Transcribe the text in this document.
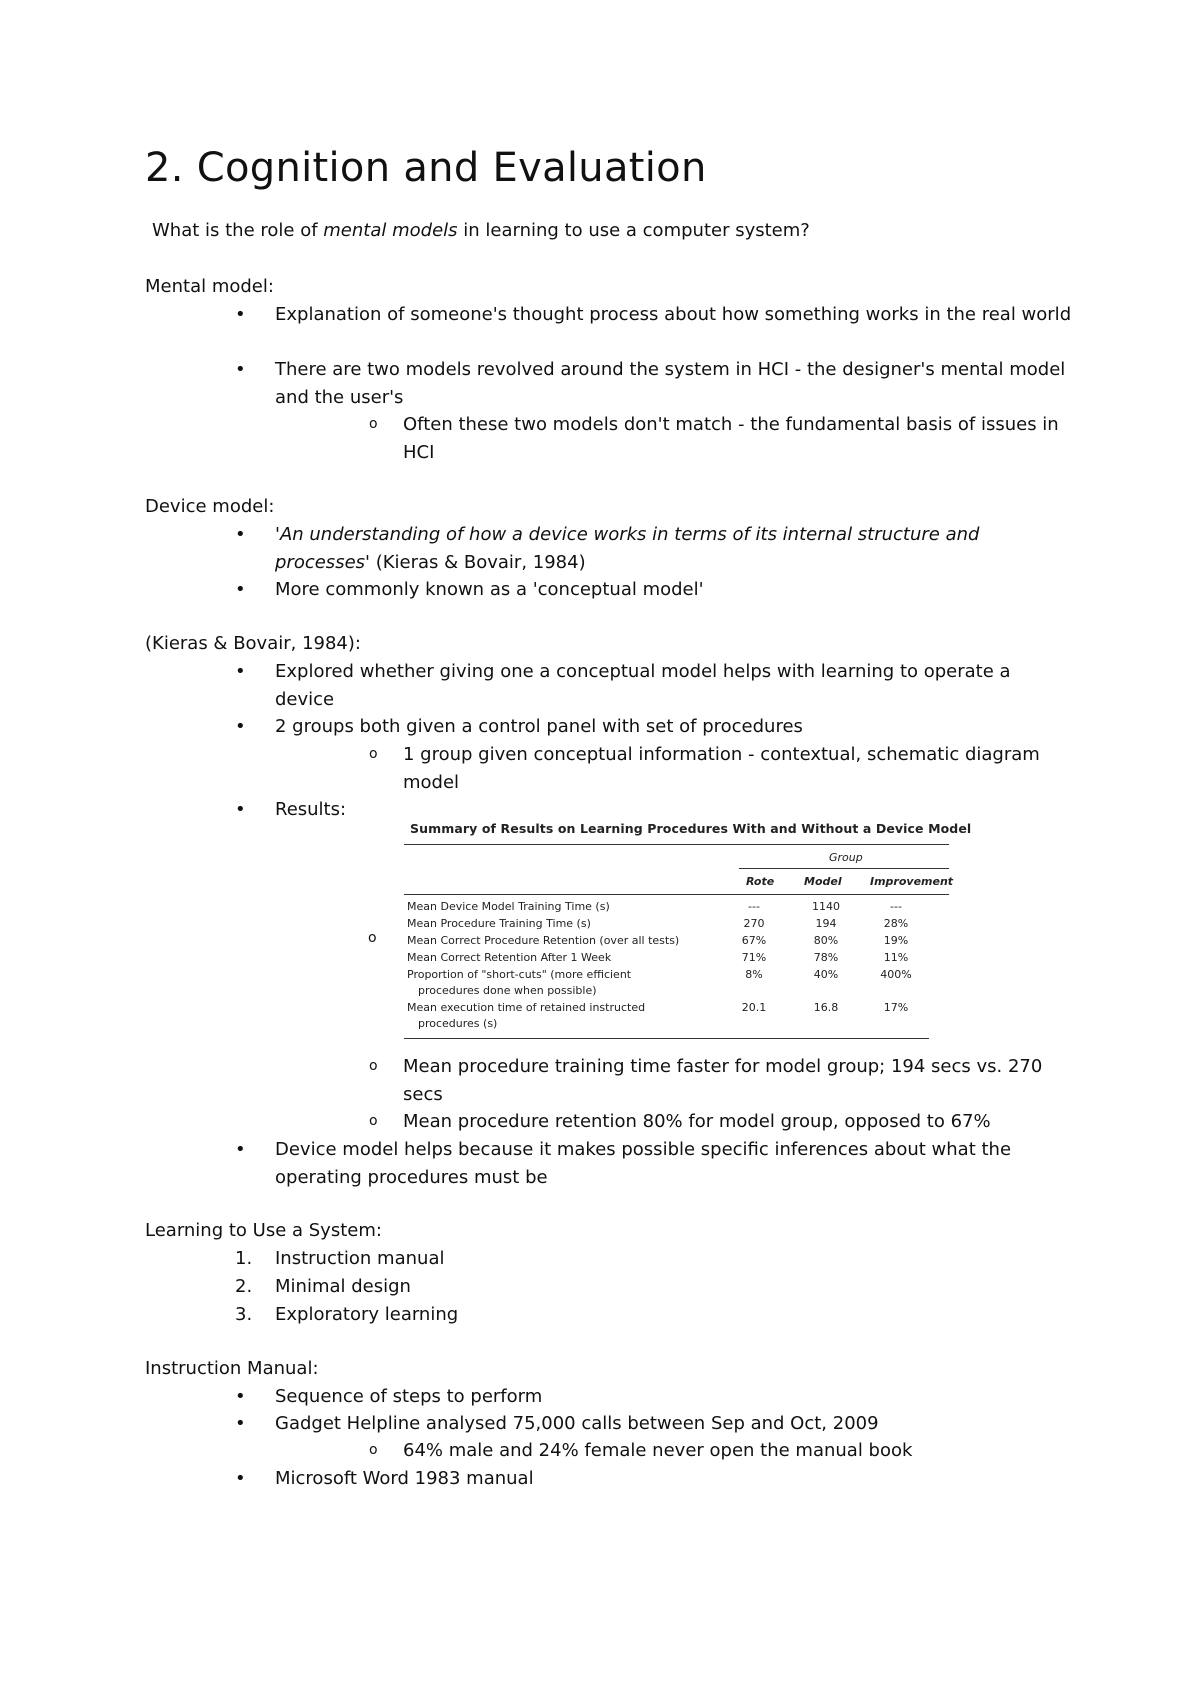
2. Cognition and Evaluation
What is the role of mental models in learning to use a computer system?
Mental model:
• Explanation of someone's thought process about how something works in the real world
• There are two models revolved around the system in HCI - the designer's mental model and the user's
o Often these two models don't match - the fundamental basis of issues in HCI
Device model:
• 'An understanding of how a device works in terms of its internal structure and processes' (Kieras & Bovair, 1984)
• More commonly known as a 'conceptual model'
(Kieras & Bovair, 1984):
• Explored whether giving one a conceptual model helps with learning to operate a device
• 2 groups both given a control panel with set of procedures
o 1 group given conceptual information - contextual, schematic diagram model
• Results:
o
Summary of Results on Learning Procedures With and Without a Device Model
Group
Rote	Model	Improvement
Mean Device Model Training Time (s)	---	1140	---
Mean Procedure Training Time (s)	270	194	28%
Mean Correct Procedure Retention (over all tests)	67%	80%	19%
Mean Correct Retention After 1 Week	71%	78%	11%
Proportion of "short-cuts" (more efficient
procedures done when possible)
8%	40%	400%
Mean execution time of retained instructed
procedures (s)
20.1	16.8	17%
o Mean procedure training time faster for model group; 194 secs vs. 270 secs
o Mean procedure retention 80% for model group, opposed to 67%
• Device model helps because it makes possible specific inferences about what the operating procedures must be
Learning to Use a System:
1. Instruction manual
2. Minimal design
3. Exploratory learning
Instruction Manual:
• Sequence of steps to perform
• Gadget Helpline analysed 75,000 calls between Sep and Oct, 2009
o 64% male and 24% female never open the manual book
• Microsoft Word 1983 manual
